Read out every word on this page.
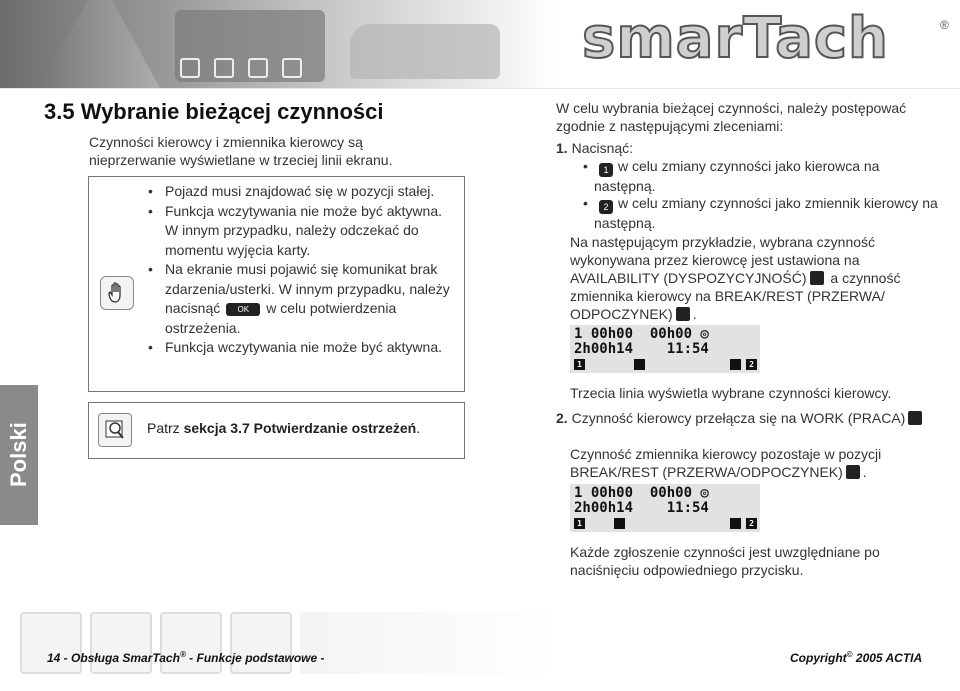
smarTach	®
3.5 Wybranie bieżącej czynności
Czynności kierowcy i zmiennika kierowcy są nieprzerwanie wyświetlane w trzeciej linii ekranu.
• Pojazd musi znajdować się w pozycji stałej.
• Funkcja wczytywania nie może być aktywna. W innym przypadku, należy odczekać do momentu wyjęcia karty.
• Na ekranie musi pojawić się komunikat brak zdarzenia/usterki. W innym przypadku, należy nacisnąć OK w celu potwierdzenia ostrzeżenia.
• Funkcja wczytywania nie może być aktywna.
Patrz sekcja 3.7 Potwierdzanie ostrzeżeń.
Polski
W celu wybrania bieżącej czynności, należy postępować zgodnie z następującymi zleceniami:
1. Nacisnąć:
•	1 w celu zmiany czynności jako kierowca na następną.
•	2 w celu zmiany czynności jako zmiennik kierowcy na następną.
Na następującym przykładzie, wybrana czynność wykonywana przez kierowcę jest ustawiona na AVAILABILITY (DYSPOZYCYJNOŚĆ) a czynność zmiennika kierowcy na BREAK/REST (PRZERWA/ ODPOCZYNEK) .
1 00h00  00h00 ◎
2h00h14    11:54
1	2
Trzecia linia wyświetla wybrane czynności kierowcy.
2. Czynność kierowcy przełącza się na WORK (PRACA)
Czynność zmiennika kierowcy pozostaje w pozycji BREAK/REST (PRZERWA/ODPOCZYNEK) .
1 00h00  00h00 ◎
2h00h14    11:54
1	2
Każde zgłoszenie czynności jest uwzględniane po naciśnięciu odpowiedniego przycisku.
14 - Obsługa SmarTach® - Funkcje podstawowe -	Copyright© 2005 ACTIA
